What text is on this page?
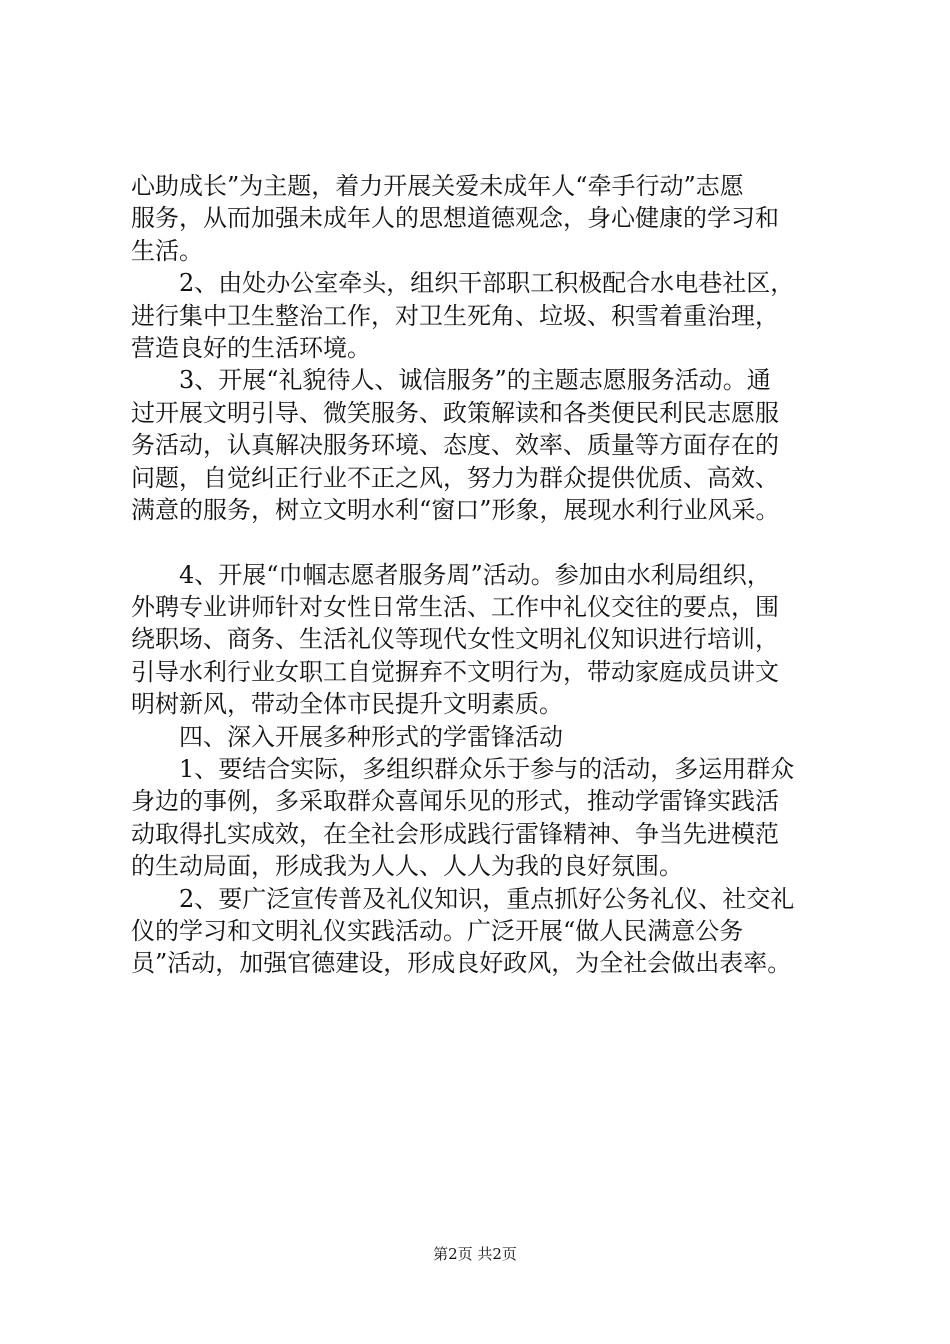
心助成长”为主题，着力开展关爱未成年人“牵手行动”志愿
服务，从而加强未成年人的思想道德观念，身心健康的学习和
生活。
　　2、由处办公室牵头，组织干部职工积极配合水电巷社区，
进行集中卫生整治工作，对卫生死角、垃圾、积雪着重治理，
营造良好的生活环境。
　　3、开展“礼貌待人、诚信服务”的主题志愿服务活动。通
过开展文明引导、微笑服务、政策解读和各类便民利民志愿服
务活动，认真解决服务环境、态度、效率、质量等方面存在的
问题，自觉纠正行业不正之风，努力为群众提供优质、高效、
满意的服务，树立文明水利“窗口”形象，展现水利行业风采。
　　4、开展“巾帼志愿者服务周”活动。参加由水利局组织，
外聘专业讲师针对女性日常生活、工作中礼仪交往的要点，围
绕职场、商务、生活礼仪等现代女性文明礼仪知识进行培训，
引导水利行业女职工自觉摒弃不文明行为，带动家庭成员讲文
明树新风，带动全体市民提升文明素质。
　　四、深入开展多种形式的学雷锋活动
　　1、要结合实际，多组织群众乐于参与的活动，多运用群众
身边的事例，多采取群众喜闻乐见的形式，推动学雷锋实践活
动取得扎实成效，在全社会形成践行雷锋精神、争当先进模范
的生动局面，形成我为人人、人人为我的良好氛围。
　　2、要广泛宣传普及礼仪知识，重点抓好公务礼仪、社交礼
仪的学习和文明礼仪实践活动。广泛开展“做人民满意公务
员”活动，加强官德建设，形成良好政风，为全社会做出表率。
第2页 共2页
